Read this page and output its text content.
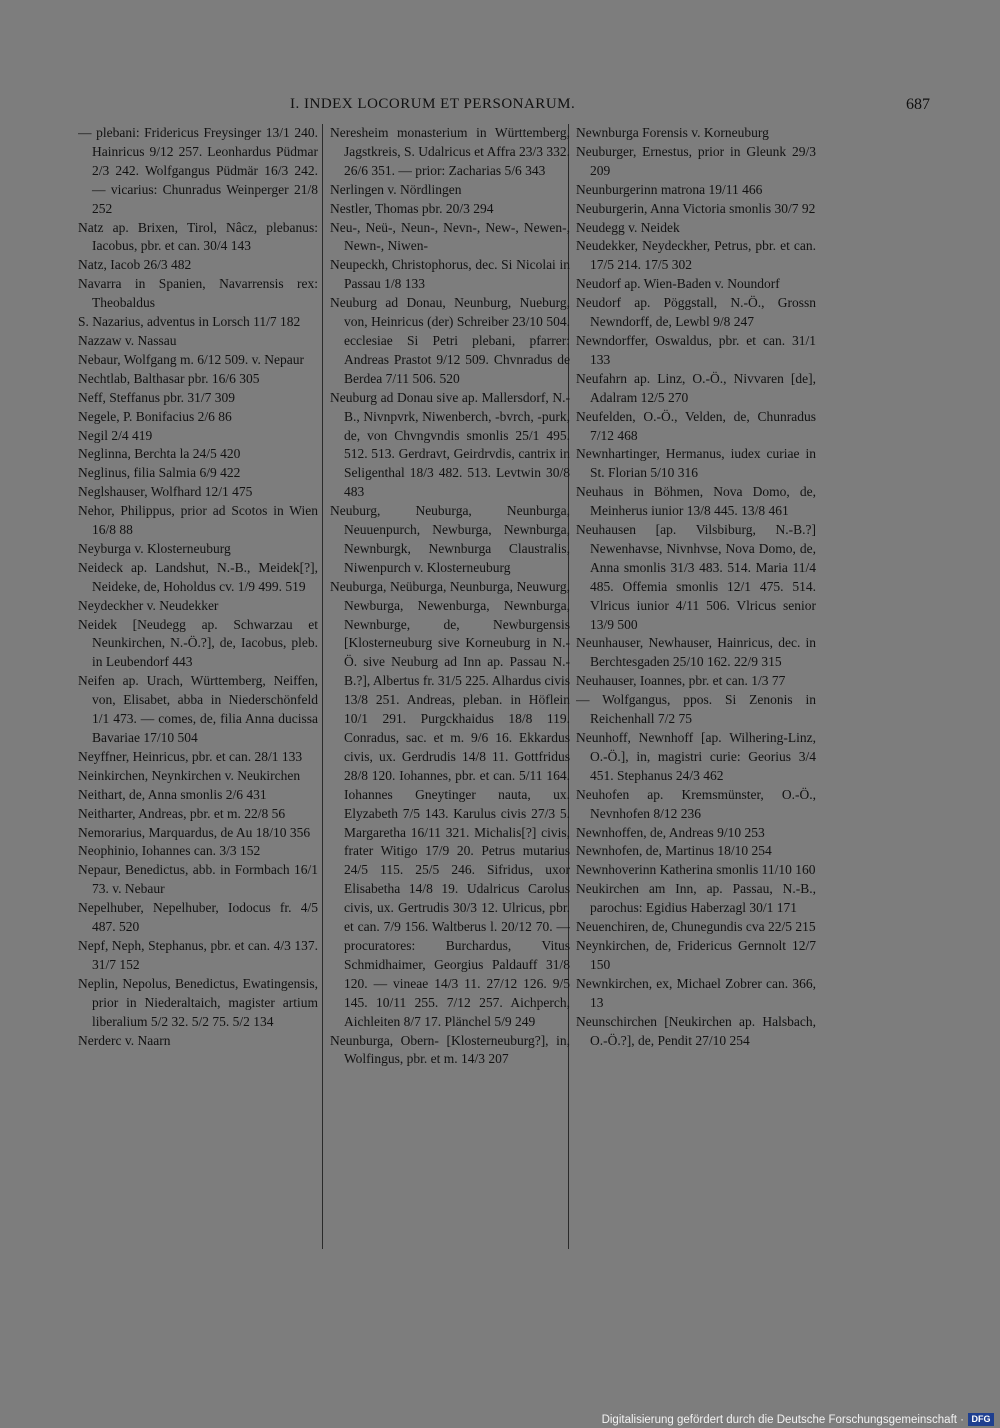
I. INDEX LOCORUM ET PERSONARUM.	687

— plebani: Fridericus Freysinger 13/1 240. Hainricus 9/12 257. Leonhardus Püdmar 2/3 242. Wolfgangus Püdmär 16/3 242. — vicarius: Chunradus Weinperger 21/8 252

Natz ap. Brixen, Tirol, Nâcz, plebanus: Iacobus, pbr. et can. 30/4 143

Natz, Iacob 26/3 482

Navarra in Spanien, Navarrensis rex: Theobaldus

S. Nazarius, adventus in Lorsch 11/7 182

Nazzaw v. Nassau

Nebaur, Wolfgang m. 6/12 509. v. Nepaur

Nechtlab, Balthasar pbr. 16/6 305

Neff, Steffanus pbr. 31/7 309

Negele, P. Bonifacius 2/6 86

Negil 2/4 419

Neglinna, Berchta la 24/5 420

Neglinus, filia Salmia 6/9 422

Neglshauser, Wolfhard 12/1 475

Nehor, Philippus, prior ad Scotos in Wien 16/8 88

Neyburga v. Klosterneuburg

Neideck ap. Landshut, N.-B., Meidek[?], Neideke, de, Hoholdus cv. 1/9 499. 519

Neydeckher v. Neudekker

Neidek [Neudegg ap. Schwarzau et Neunkirchen, N.-Ö.?], de, Iacobus, pleb. in Leubendorf 443

Neifen ap. Urach, Württemberg, Neiffen, von, Elisabet, abba in Niederschönfeld 1/1 473. — comes, de, filia Anna ducissa Bavariae 17/10 504

Neyffner, Heinricus, pbr. et can. 28/1 133

Neinkirchen, Neynkirchen v. Neukirchen

Neithart, de, Anna smonlis 2/6 431

Neitharter, Andreas, pbr. et m. 22/8 56

Nemorarius, Marquardus, de Au 18/10 356

Neophinio, Iohannes can. 3/3 152

Nepaur, Benedictus, abb. in Formbach 16/1 73. v. Nebaur

Nepelhuber, Nepelhuber, Iodocus fr. 4/5 487. 520

Nepf, Neph, Stephanus, pbr. et can. 4/3 137. 31/7 152

Neplin, Nepolus, Benedictus, Ewatingensis, prior in Niederaltaich, magister artium liberalium 5/2 32. 5/2 75. 5/2 134

Nerderc v. Naarn

Neresheim monasterium in Württemberg, Jagstkreis, S. Udalricus et Affra 23/3 332. 26/6 351. — prior: Zacharias 5/6 343

Nerlingen v. Nördlingen

Nestler, Thomas pbr. 20/3 294

Neu-, Neü-, Neun-, Nevn-, New-, Newen-, Newn-, Niwen-

Neupeckh, Christophorus, dec. Si Nicolai in Passau 1/8 133

Neuburg ad Donau, Neunburg, Nueburg, von, Heinricus (der) Schreiber 23/10 504. ecclesiae Si Petri plebani, pfarrer: Andreas Prastot 9/12 509. Chvnradus de Berdea 7/11 506. 520

Neuburg ad Donau sive ap. Mallersdorf, N.-B., Nivnpvrk, Niwenberch, -bvrch, -purk, de, von Chvngvndis smonlis 25/1 495. 512. 513. Gerdravt, Geirdrvdis, cantrix in Seligenthal 18/3 482. 513. Levtwin 30/8 483

Neuburg, Neuburga, Neunburga, Neuuenpurch, Newburga, Newnburga, Newnburgk, Newnburga Claustralis, Niwenpurch v. Klosterneuburg

Neuburga, Neüburga, Neunburga, Neuwurg, Newburga, Newenburga, Newnburga, Newnburge, de, Newburgensis [Klosterneuburg sive Korneuburg in N.-Ö. sive Neuburg ad Inn ap. Passau N.-B.?], Albertus fr. 31/5 225. Alhardus civis 13/8 251. Andreas, pleban. in Höflein 10/1 291. Purgckhaidus 18/8 119. Conradus, sac. et m. 9/6 16. Ekkardus civis, ux. Gerdrudis 14/8 11. Gottfridus 28/8 120. Iohannes, pbr. et can. 5/11 164. Iohannes Gneytinger nauta, ux. Elyzabeth 7/5 143. Karulus civis 27/3 5. Margaretha 16/11 321. Michalis[?] civis, frater Witigo 17/9 20. Petrus mutarius 24/5 115. 25/5 246. Sifridus, uxor Elisabetha 14/8 19. Udalricus Carolus civis, ux. Gertrudis 30/3 12. Ulricus, pbr. et can. 7/9 156. Waltberus l. 20/12 70. — procuratores: Burchardus, Vitus Schmidhaimer, Georgius Paldauff 31/8 120. — vineae 14/3 11. 27/12 126. 9/5 145. 10/11 255. 7/12 257. Aichperch, Aichleiten 8/7 17. Plänchel 5/9 249

Neunburga, Obern- [Klosterneuburg?], in, Wolfingus, pbr. et m. 14/3 207

Newnburga Forensis v. Korneuburg

Neuburger, Ernestus, prior in Gleunk 29/3 209

Neunburgerinn matrona 19/11 466

Neuburgerin, Anna Victoria smonlis 30/7 92

Neudegg v. Neidek

Neudekker, Neydeckher, Petrus, pbr. et can. 17/5 214. 17/5 302

Neudorf ap. Wien-Baden v. Noundorf

Neudorf ap. Pöggstall, N.-Ö., Grossn Newndorff, de, Lewbl 9/8 247

Newndorffer, Oswaldus, pbr. et can. 31/1 133

Neufahrn ap. Linz, O.-Ö., Nivvaren [de], Adalram 12/5 270

Neufelden, O.-Ö., Velden, de, Chunradus 7/12 468

Newnhartinger, Hermanus, iudex curiae in St. Florian 5/10 316

Neuhaus in Böhmen, Nova Domo, de, Meinherus iunior 13/8 445. 13/8 461

Neuhausen [ap. Vilsbiburg, N.-B.?] Newenhavse, Nivnhvse, Nova Domo, de, Anna smonlis 31/3 483. 514. Maria 11/4 485. Offemia smonlis 12/1 475. 514. Vlricus iunior 4/11 506. Vlricus senior 13/9 500

Neunhauser, Newhauser, Hainricus, dec. in Berchtesgaden 25/10 162. 22/9 315

Neuhauser, Ioannes, pbr. et can. 1/3 77

— Wolfgangus, ppos. Si Zenonis in Reichenhall 7/2 75

Neunhoff, Newnhoff [ap. Wilhering-Linz, O.-Ö.], in, magistri curie: Georius 3/4 451. Stephanus 24/3 462

Neuhofen ap. Kremsmünster, O.-Ö., Nevnhofen 8/12 236

Newnhoffen, de, Andreas 9/10 253

Newnhofen, de, Martinus 18/10 254

Newnhoverinn Katherina smonlis 11/10 160

Neukirchen am Inn, ap. Passau, N.-B., parochus: Egidius Haberzagl 30/1 171

Neuenchiren, de, Chunegundis cva 22/5 215

Neynkirchen, de, Fridericus Gernnolt 12/7 150

Newnkirchen, ex, Michael Zobrer can. 366, 13

Neunschirchen [Neukirchen ap. Halsbach, O.-Ö.?], de, Pendit 27/10 254

Digitalisierung gefördert durch die Deutsche Forschungsgemeinschaft · DFG
